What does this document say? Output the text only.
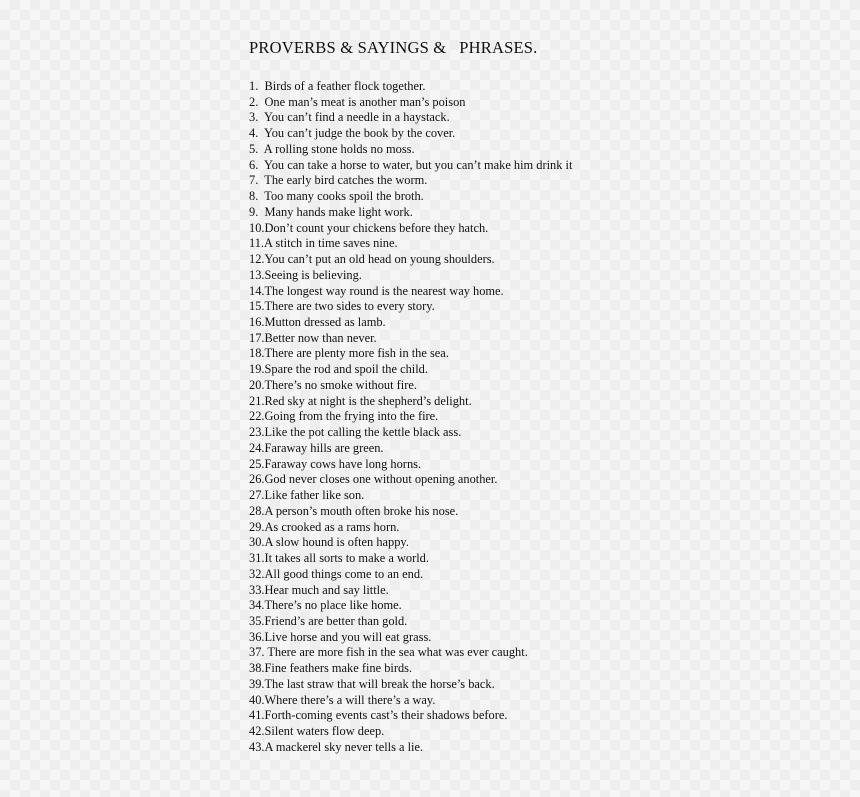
PROVERBS & SAYINGS &   PHRASES.
1.  Birds of a feather flock together.
2.  One man’s meat is another man’s poison
3.  You can’t find a needle in a haystack.
4.  You can’t judge the book by the cover.
5.  A rolling stone holds no moss.
6.  You can take a horse to water, but you can’t make him drink it
7.  The early bird catches the worm.
8.  Too many cooks spoil the broth.
9.  Many hands make light work.
10.Don’t count your chickens before they hatch.
11.A stitch in time saves nine.
12.You can’t put an old head on young shoulders.
13.Seeing is believing.
14.The longest way round is the nearest way home.
15.There are two sides to every story.
16.Mutton dressed as lamb.
17.Better now than never.
18.There are plenty more fish in the sea.
19.Spare the rod and spoil the child.
20.There’s no smoke without fire.
21.Red sky at night is the shepherd’s delight.
22.Going from the frying into the fire.
23.Like the pot calling the kettle black ass.
24.Faraway hills are green.
25.Faraway cows have long horns.
26.God never closes one without opening another.
27.Like father like son.
28.A person’s mouth often broke his nose.
29.As crooked as a rams horn.
30.A slow hound is often happy.
31.It takes all sorts to make a world.
32.All good things come to an end.
33.Hear much and say little.
34.There’s no place like home.
35.Friend’s are better than gold.
36.Live horse and you will eat grass.
37. There are more fish in the sea what was ever caught.
38.Fine feathers make fine birds.
39.The last straw that will break the horse’s back.
40.Where there’s a will there’s a way.
41.Forth-coming events cast’s their shadows before.
42.Silent waters flow deep.
43.A mackerel sky never tells a lie.
